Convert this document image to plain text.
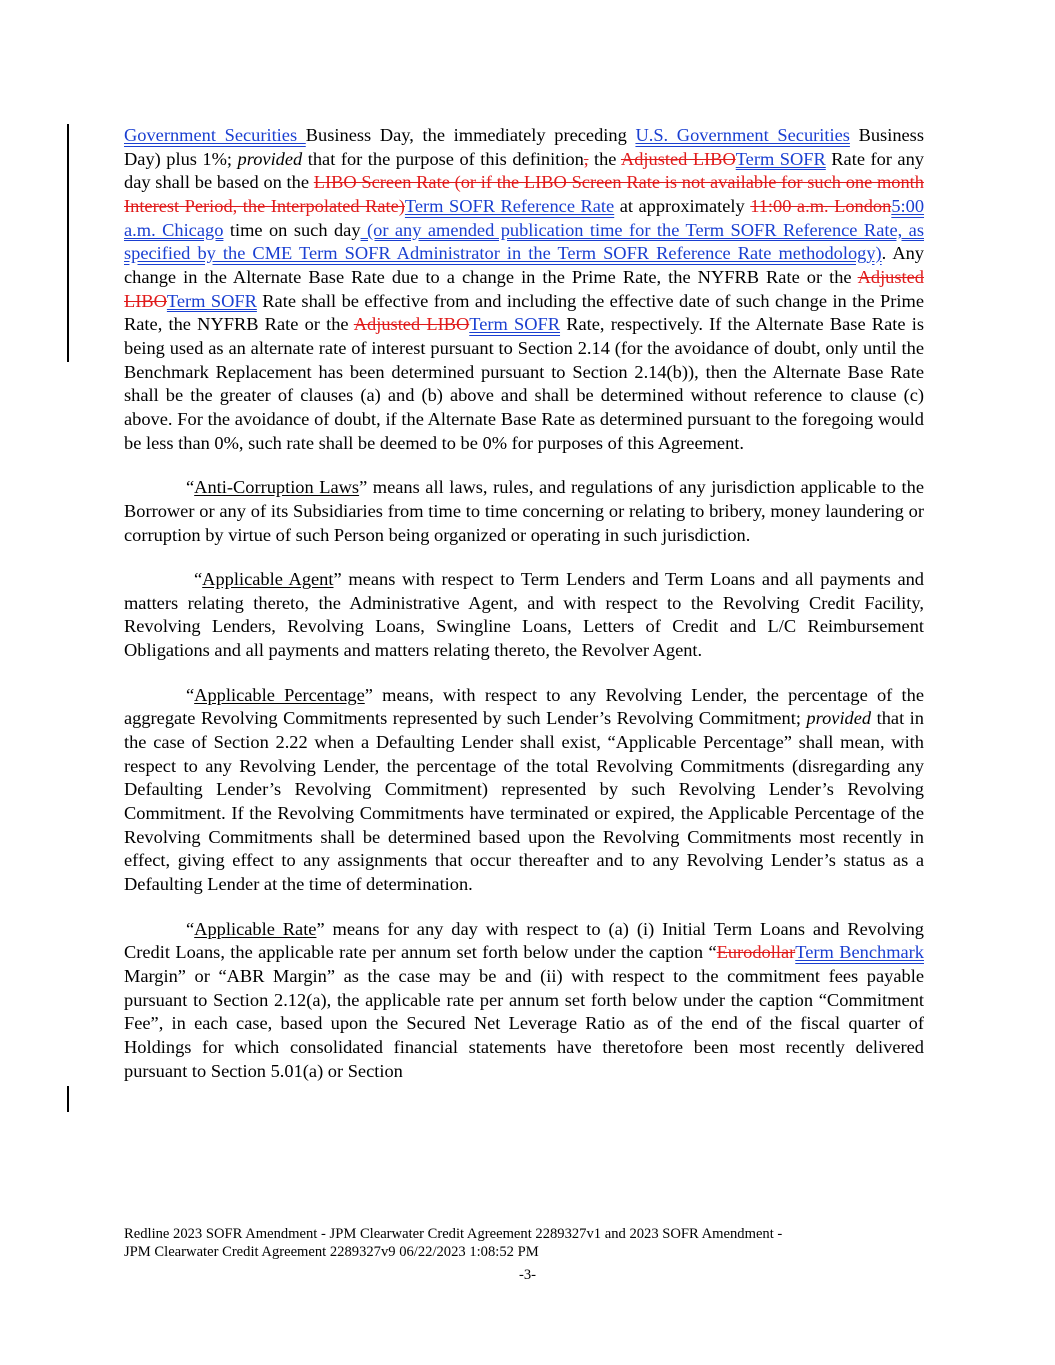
Government Securities Business Day, the immediately preceding U.S. Government Securities Business Day) plus 1%; provided that for the purpose of this definition, the Adjusted LIBOTerm SOFR Rate for any day shall be based on the LIBO Screen Rate (or if the LIBO Screen Rate is not available for such one month Interest Period, the Interpolated Rate)Term SOFR Reference Rate at approximately 11:00 a.m. London5:00 a.m. Chicago time on such day (or any amended publication time for the Term SOFR Reference Rate, as specified by the CME Term SOFR Administrator in the Term SOFR Reference Rate methodology). Any change in the Alternate Base Rate due to a change in the Prime Rate, the NYFRB Rate or the Adjusted LIBOTerm SOFR Rate shall be effective from and including the effective date of such change in the Prime Rate, the NYFRB Rate or the Adjusted LIBOTerm SOFR Rate, respectively. If the Alternate Base Rate is being used as an alternate rate of interest pursuant to Section 2.14 (for the avoidance of doubt, only until the Benchmark Replacement has been determined pursuant to Section 2.14(b)), then the Alternate Base Rate shall be the greater of clauses (a) and (b) above and shall be determined without reference to clause (c) above. For the avoidance of doubt, if the Alternate Base Rate as determined pursuant to the foregoing would be less than 0%, such rate shall be deemed to be 0% for purposes of this Agreement.

“Anti-Corruption Laws” means all laws, rules, and regulations of any jurisdiction applicable to the Borrower or any of its Subsidiaries from time to time concerning or relating to bribery, money laundering or corruption by virtue of such Person being organized or operating in such jurisdiction.

“Applicable Agent” means with respect to Term Lenders and Term Loans and all payments and matters relating thereto, the Administrative Agent, and with respect to the Revolving Credit Facility, Revolving Lenders, Revolving Loans, Swingline Loans, Letters of Credit and L/C Reimbursement Obligations and all payments and matters relating thereto, the Revolver Agent.

“Applicable Percentage” means, with respect to any Revolving Lender, the percentage of the aggregate Revolving Commitments represented by such Lender’s Revolving Commitment; provided that in the case of Section 2.22 when a Defaulting Lender shall exist, “Applicable Percentage” shall mean, with respect to any Revolving Lender, the percentage of the total Revolving Commitments (disregarding any Defaulting Lender’s Revolving Commitment) represented by such Revolving Lender’s Revolving Commitment. If the Revolving Commitments have terminated or expired, the Applicable Percentage of the Revolving Commitments shall be determined based upon the Revolving Commitments most recently in effect, giving effect to any assignments that occur thereafter and to any Revolving Lender’s status as a Defaulting Lender at the time of determination.

“Applicable Rate” means for any day with respect to (a) (i) Initial Term Loans and Revolving Credit Loans, the applicable rate per annum set forth below under the caption “EurodollarTerm Benchmark Margin” or “ABR Margin” as the case may be and (ii) with respect to the commitment fees payable pursuant to Section 2.12(a), the applicable rate per annum set forth below under the caption “Commitment Fee”, in each case, based upon the Secured Net Leverage Ratio as of the end of the fiscal quarter of Holdings for which consolidated financial statements have theretofore been most recently delivered pursuant to Section 5.01(a) or Section

Redline 2023 SOFR Amendment - JPM Clearwater Credit Agreement 2289327v1 and 2023 SOFR Amendment -
JPM Clearwater Credit Agreement 2289327v9 06/22/2023 1:08:52 PM
-3-
